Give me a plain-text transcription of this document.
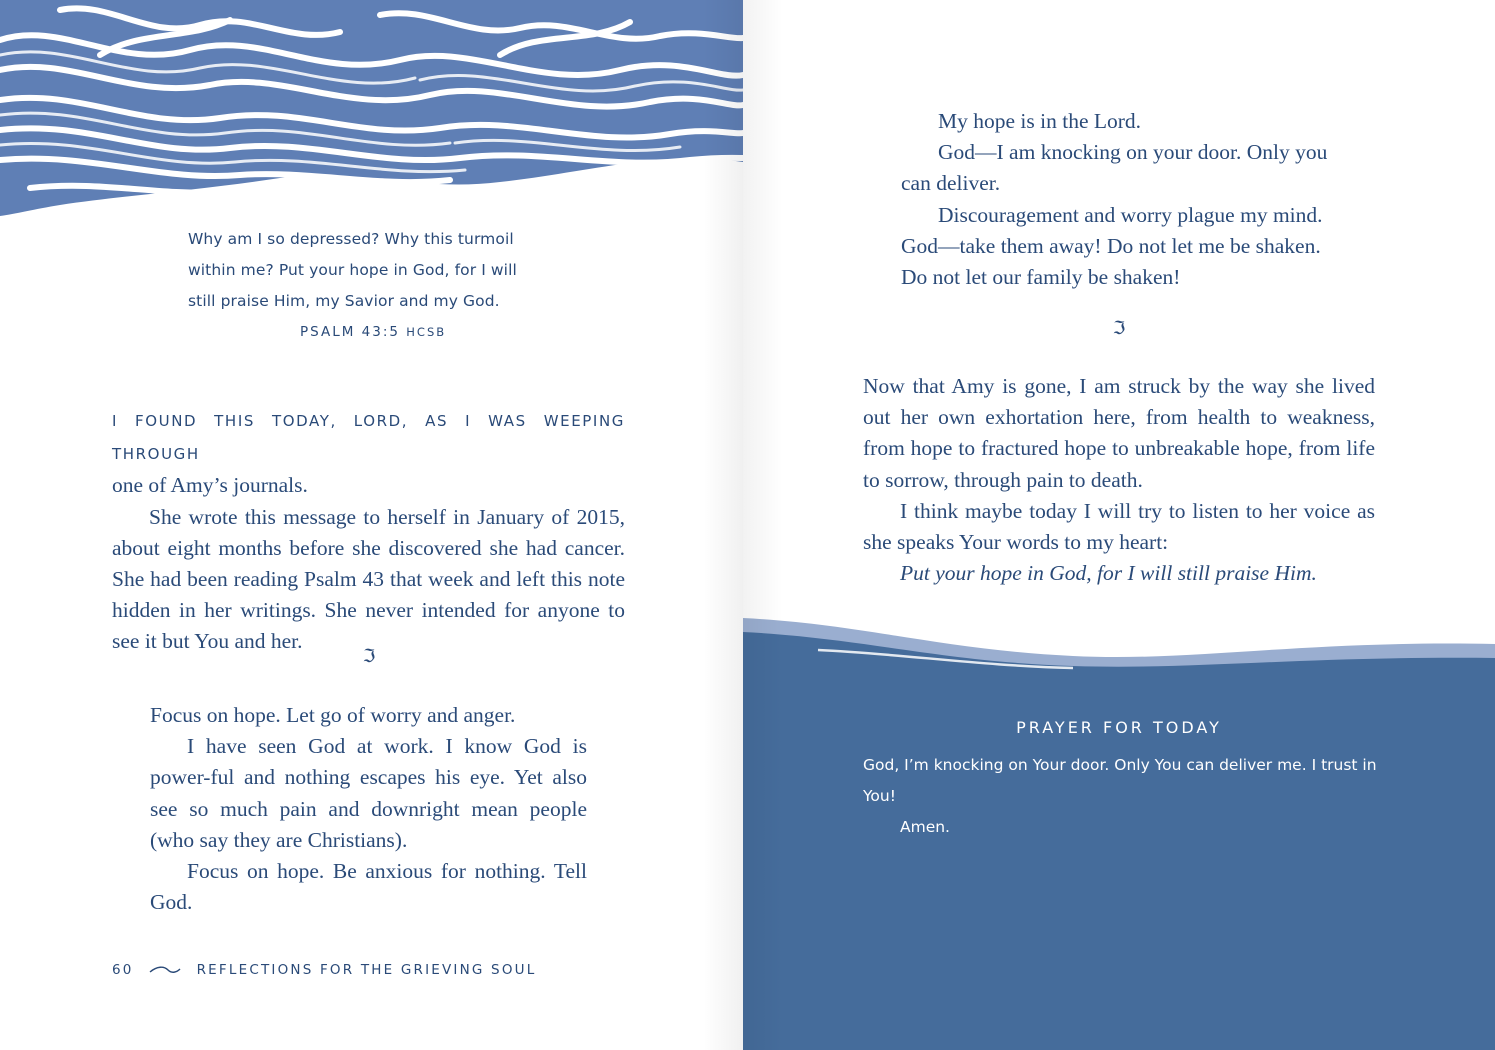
Why am I so depressed? Why this turmoil
within me? Put your hope in God, for I will
still praise Him, my Savior and my God.
PSALM 43:5 HCSB

I FOUND THIS TODAY, LORD, AS I WAS WEEPING THROUGH
one of Amy’s journals.

She wrote this message to herself in January of 2015, about eight months before she discovered she had cancer. She had been reading Psalm 43 that week and left this note hidden in her writings. She never intended for anyone to see it but You and her.

ℑ

Focus on hope. Let go of worry and anger.

I have seen God at work. I know God is power-ful and nothing escapes his eye. Yet also see so much pain and downright mean people (who say they are Christians).

Focus on hope. Be anxious for nothing. Tell God.

60	REFLECTIONS FOR THE GRIEVING SOUL

My hope is in the Lord.

God—I am knocking on your door. Only you can deliver.

Discouragement and worry plague my mind.

God—take them away! Do not let me be shaken.

Do not let our family be shaken!

ℑ

Now that Amy is gone, I am struck by the way she lived out her own exhortation here, from health to weakness, from hope to fractured hope to unbreakable hope, from life to sorrow, through pain to death.

I think maybe today I will try to listen to her voice as she speaks Your words to my heart:

Put your hope in God, for I will still praise Him.

PRAYER FOR TODAY

God, I’m knocking on Your door. Only You can deliver me. I trust in You!

Amen.
